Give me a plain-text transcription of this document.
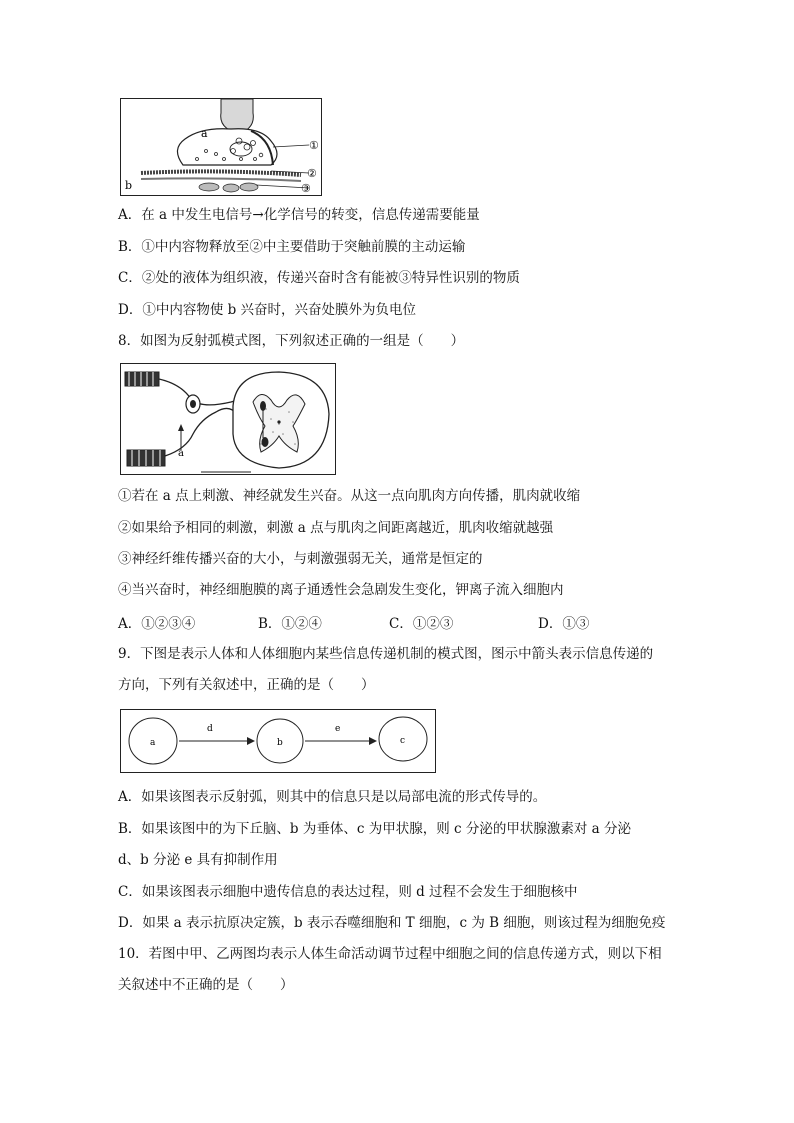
a
b
①
②
③
A．在 a 中发生电信号→化学信号的转变，信息传递需要能量
B．①中内容物释放至②中主要借助于突触前膜的主动运输
C．②处的液体为组织液，传递兴奋时含有能被③特异性识别的物质
D．①中内容物使 b 兴奋时，兴奋处膜外为负电位
8．如图为反射弧模式图，下列叙述正确的一组是（　　）
a
①若在 a 点上刺激、神经就发生兴奋。从这一点向肌肉方向传播，肌肉就收缩
②如果给予相同的刺激，刺激 a 点与肌肉之间距离越近，肌肉收缩就越强
③神经纤维传播兴奋的大小，与刺激强弱无关，通常是恒定的
④当兴奋时，神经细胞膜的离子通透性会急剧发生变化，钾离子流入细胞内
A．①②③④	B．①②④	C．①②③	D．①③
9．下图是表示人体和人体细胞内某些信息传递机制的模式图，图示中箭头表示信息传递的
方向，下列有关叙述中，正确的是（　　）
a	b	c
d	e
A．如果该图表示反射弧，则其中的信息只是以局部电流的形式传导的。
B．如果该图中的为下丘脑、b 为垂体、c 为甲状腺，则 c 分泌的甲状腺激素对 a 分泌
d、b 分泌 e 具有抑制作用
C．如果该图表示细胞中遗传信息的表达过程，则 d 过程不会发生于细胞核中
D．如果 a 表示抗原决定簇，b 表示吞噬细胞和 T 细胞，c 为 B 细胞，则该过程为细胞免疫
10．若图中甲、乙两图均表示人体生命活动调节过程中细胞之间的信息传递方式，则以下相
关叙述中不正确的是（　　）
